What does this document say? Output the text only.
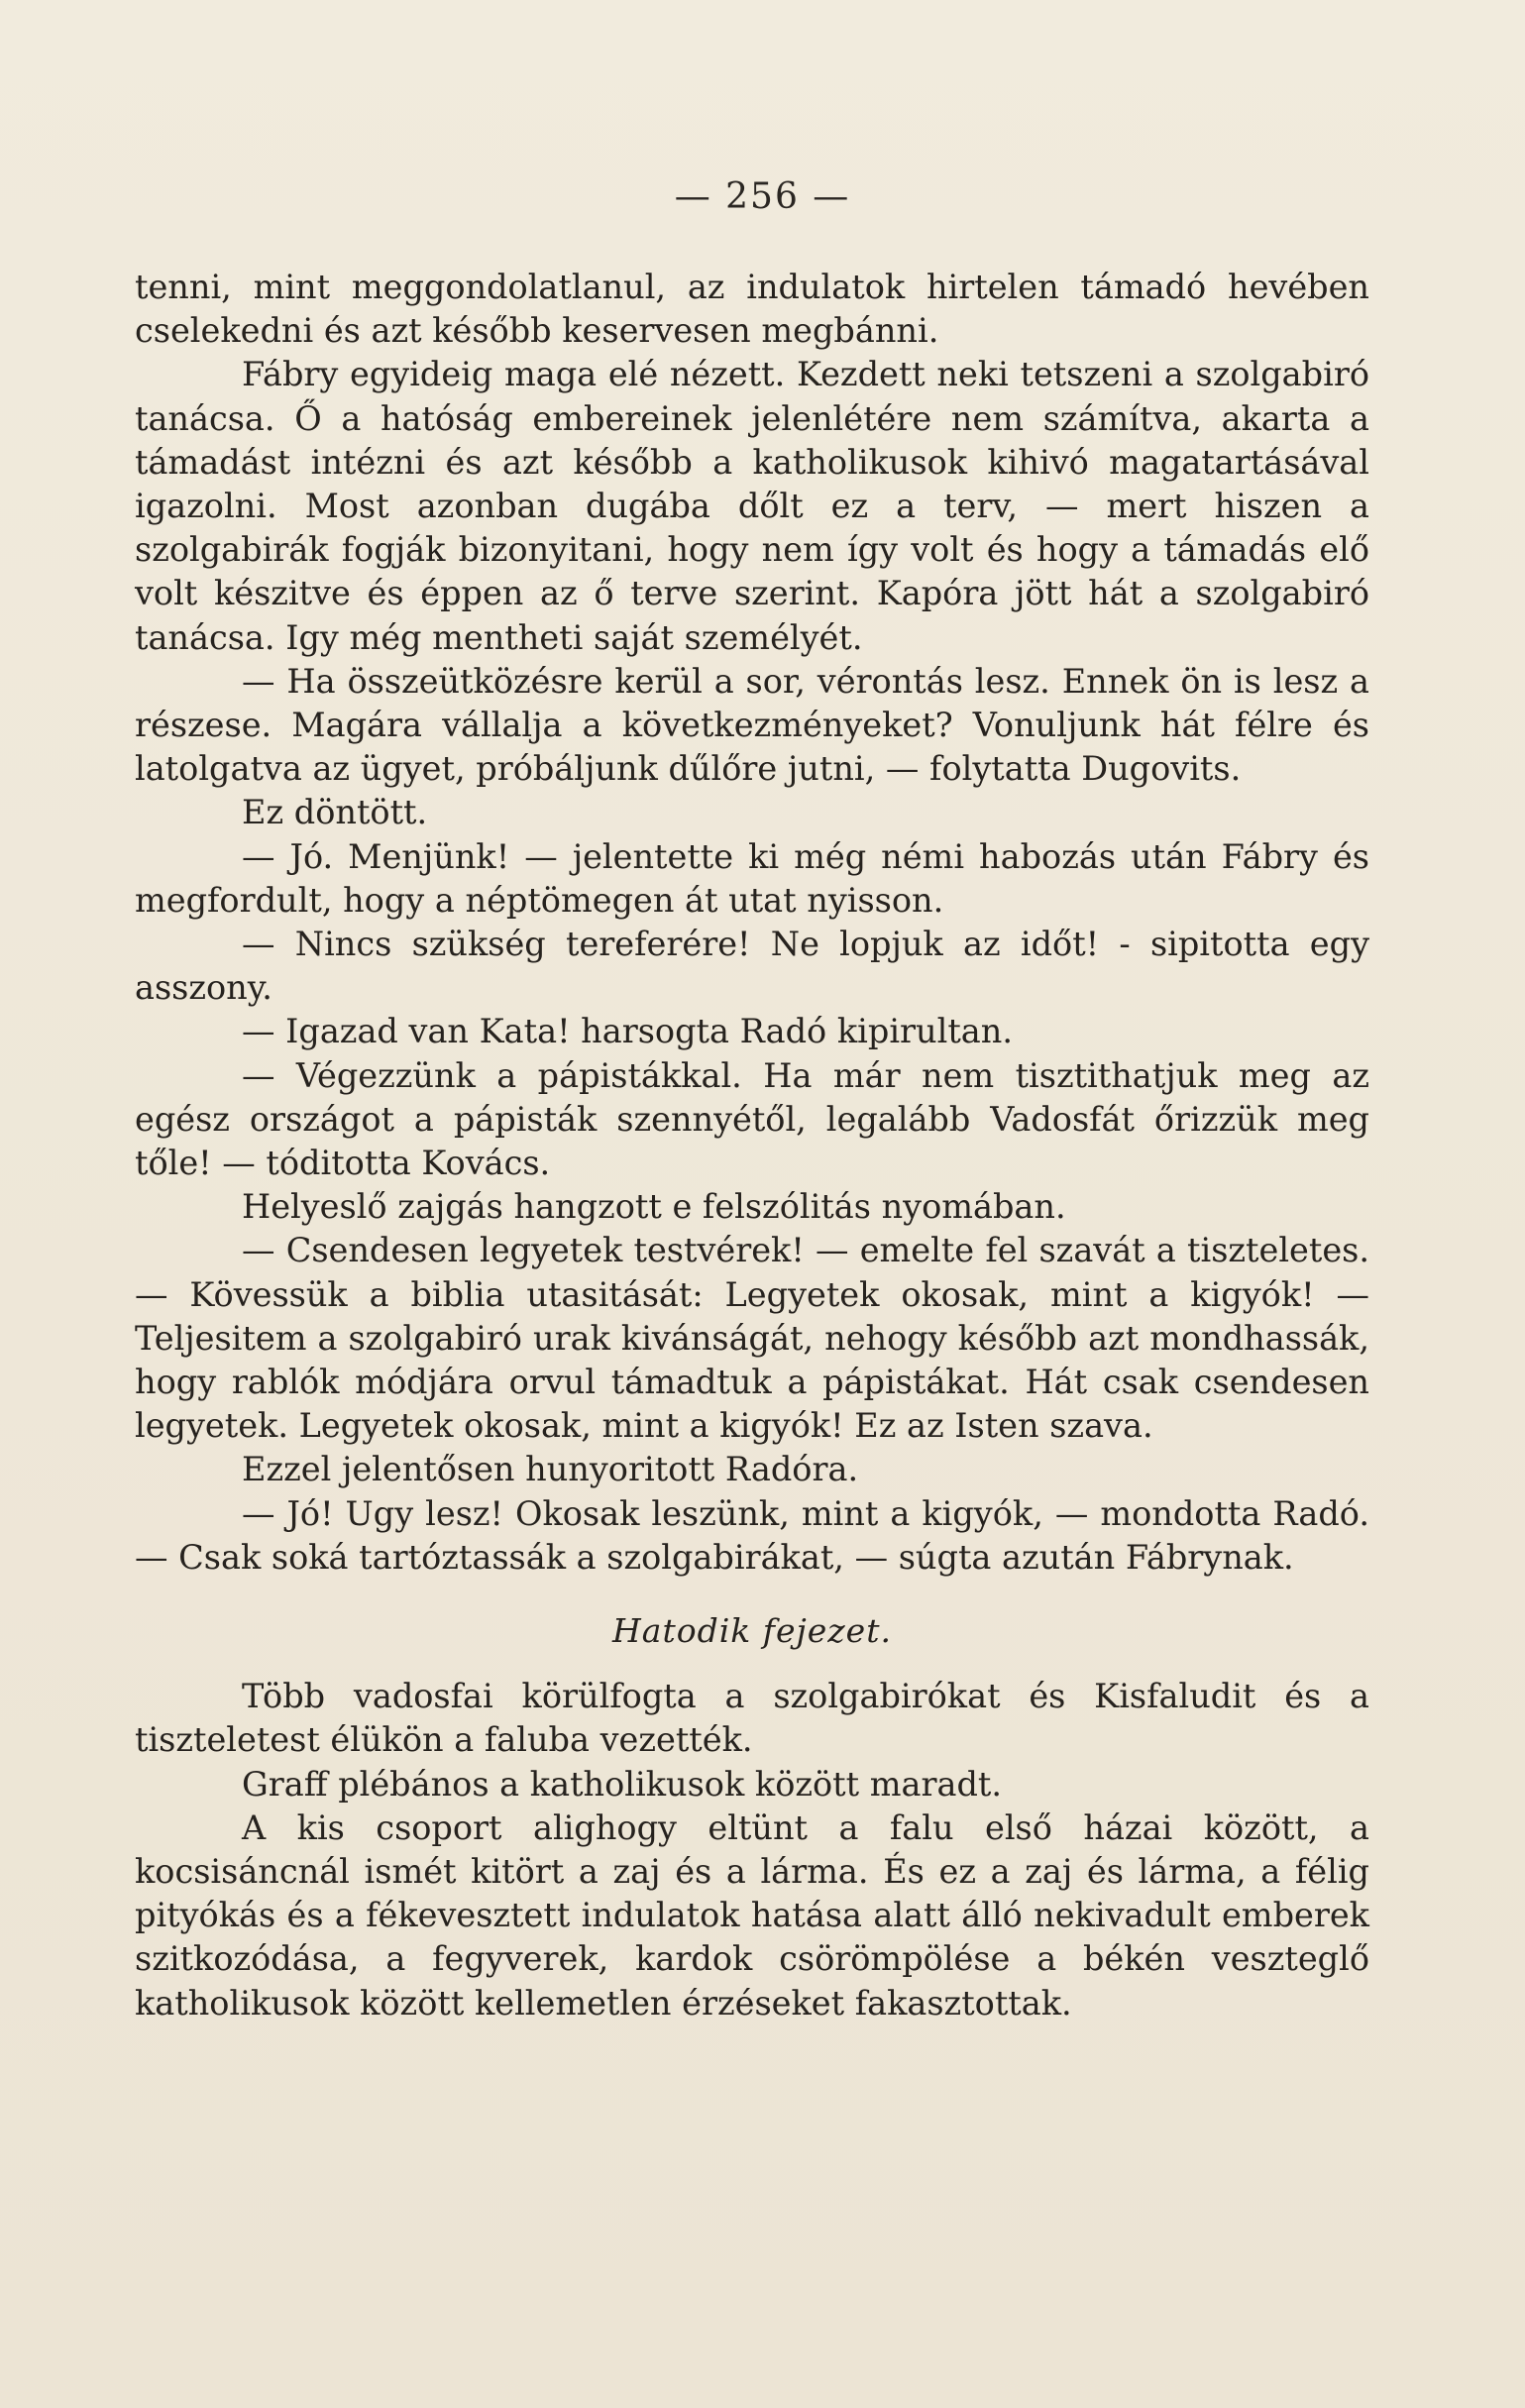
— 256 —

tenni, mint meggondolatlanul, az indulatok hirtelen támadó hevében cselekedni és azt később keservesen megbánni.

Fábry egyideig maga elé nézett. Kezdett neki tetszeni a szolgabiró tanácsa. Ő a hatóság embereinek jelenlétére nem számítva, akarta a támadást intézni és azt később a katholikusok kihivó magatartásával igazolni. Most azonban dugába dőlt ez a terv, — mert hiszen a szolgabirák fogják bizonyitani, hogy nem így volt és hogy a támadás elő volt készitve és éppen az ő terve szerint. Kapóra jött hát a szolgabiró tanácsa. Igy még mentheti saját személyét.

— Ha összeütközésre kerül a sor, vérontás lesz. Ennek ön is lesz a részese. Magára vállalja a következményeket? Vonuljunk hát félre és latolgatva az ügyet, próbáljunk dűlőre jutni, — folytatta Dugovits.

Ez döntött.

— Jó. Menjünk! — jelentette ki még némi habozás után Fábry és megfordult, hogy a néptömegen át utat nyisson.

— Nincs szükség tereferére! Ne lopjuk az időt! - sipitotta egy asszony.

— Igazad van Kata! harsogta Radó kipirultan.

— Végezzünk a pápistákkal. Ha már nem tisztithatjuk meg az egész országot a pápisták szennyétől, legalább Vadosfát őrizzük meg tőle! — tóditotta Kovács.

Helyeslő zajgás hangzott e felszólitás nyomában.

— Csendesen legyetek testvérek! — emelte fel szavát a tiszteletes. — Kövessük a biblia utasitását: Legyetek okosak, mint a kigyók! — Teljesitem a szolgabiró urak kivánságát, nehogy később azt mondhassák, hogy rablók módjára orvul támadtuk a pápistákat. Hát csak csendesen legyetek. Legyetek okosak, mint a kigyók! Ez az Isten szava.

Ezzel jelentősen hunyoritott Radóra.

— Jó! Ugy lesz! Okosak leszünk, mint a kigyók, — mondotta Radó. — Csak soká tartóztassák a szolgabirákat, — súgta azután Fábrynak.

Hatodik fejezet.

Több vadosfai körülfogta a szolgabirókat és Kisfaludit és a tiszteletest élükön a faluba vezették.

Graff plébános a katholikusok között maradt.

A kis csoport alighogy eltünt a falu első házai között, a kocsisáncnál ismét kitört a zaj és a lárma. És ez a zaj és lárma, a félig pityókás és a fékevesztett indulatok hatása alatt álló nekivadult emberek szitkozódása, a fegyverek, kardok csörömpölése a békén veszteglő katholikusok között kellemetlen érzéseket fakasztottak.
